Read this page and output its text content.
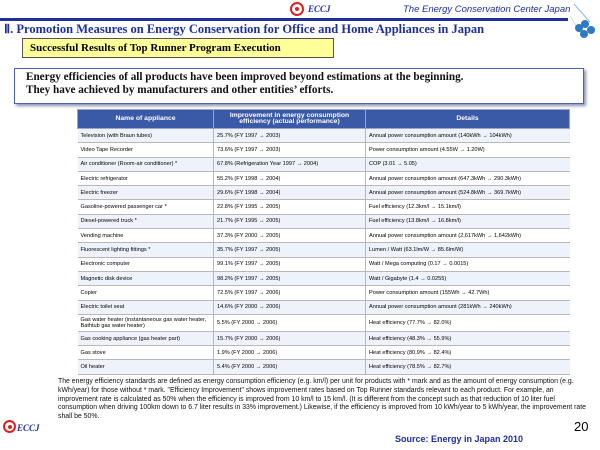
ECCJ	The Energy Conservation Center Japan
Ⅱ. Promotion Measures on Energy Conservation for Office and Home Appliances in Japan
Successful Results of Top Runner Program Execution
Energy efficiencies of all products have been improved beyond estimations at the beginning.
They have achieved by manufacturers and other entities’ efforts.
Name of appliance	Improvement in energy consumption efficiency (actual performance)	Details
Television (with Braun tubes)	25.7% (FY 1997 → 2003)	Annual power consumption amount (140kWh → 104kWh)
Video Tape Recorder	73.6% (FY 1997 → 2003)	Power consumption amount (4.55W → 1.20W)
Air conditioner (Room-air conditioner) *	67.8% (Refrigeration Year 1997 → 2004)	COP (3.01 → 5.05)
Electric refrigerator	55.2% (FY 1998 → 2004)	Annual power consumption amount (647.3kWh → 290.3kWh)
Electric freezer	29.6% (FY 1998 → 2004)	Annual power consumption amount (524.8kWh → 369.7kWh)
Gasoline-powered passenger car *	22.8% (FY 1995 → 2005)	Fuel efficiency (12.3km/l → 15.1km/l)
Diesel-powered truck *	21.7% (FY 1995 → 2005)	Fuel efficiency (13.8km/l → 16.8km/l)
Vending machine	37.3% (FY 2000 → 2005)	Annual power consumption amount (2,617kWh → 1,642kWh)
Fluorescent lighting fittings *	35.7% (FY 1997 → 2005)	Lumen / Watt (63.1lm/W → 85.6lm/W)
Electronic computer	99.1% (FY 1997 → 2005)	Watt / Mega computing (0.17 → 0.0015)
Magnetic disk device	98.2% (FY 1997 → 2005)	Watt / Gigabyte (1.4 → 0.0255)
Copier	72.5% (FY 1997 → 2006)	Power consumption amount (155Wh → 42.7Wh)
Electric toilet seat	14.6% (FY 2000 → 2006)	Annual power consumption amount (281kWh → 240kWh)
Gas water heater (instantaneous gas water heater, Bathtub gas water heater)	5.5% (FY 2000 → 2006)	Heat efficiency (77.7% → 82.0%)
Gas cooking appliance (gas heater part)	15.7% (FY 2000 → 2006)	Heat efficiency (48.3% → 55.9%)
Gas stove	1.9% (FY 2000 → 2006)	Heat efficiency (80.9% → 82.4%)
Oil heater	5.4% (FY 2000 → 2006)	Heat efficiency (78.5% → 82.7%)
The energy efficiency standards are defined as energy consumption efficiency (e.g. km/l) per unit for products with * mark and as the amount of energy consumption (e.g. kWh/year) for those without * mark. "Efficiency Improvement" shows improvement rates based on Top Runner standards relevant to each product. For example, an improvement rate is calculated as 50% when the efficiency is improved from 10 km/l to 15 km/l. (It is different from the concept such as that reduction of 10 liter fuel consumption when driving 100km down to 6.7 liter results in 33% improvement.) Likewise, if the efficiency is improved from 10 kWh/year to 5 kWh/year, the improvement rate shall be 50%.
ECCJ	20
Source: Energy in Japan 2010
